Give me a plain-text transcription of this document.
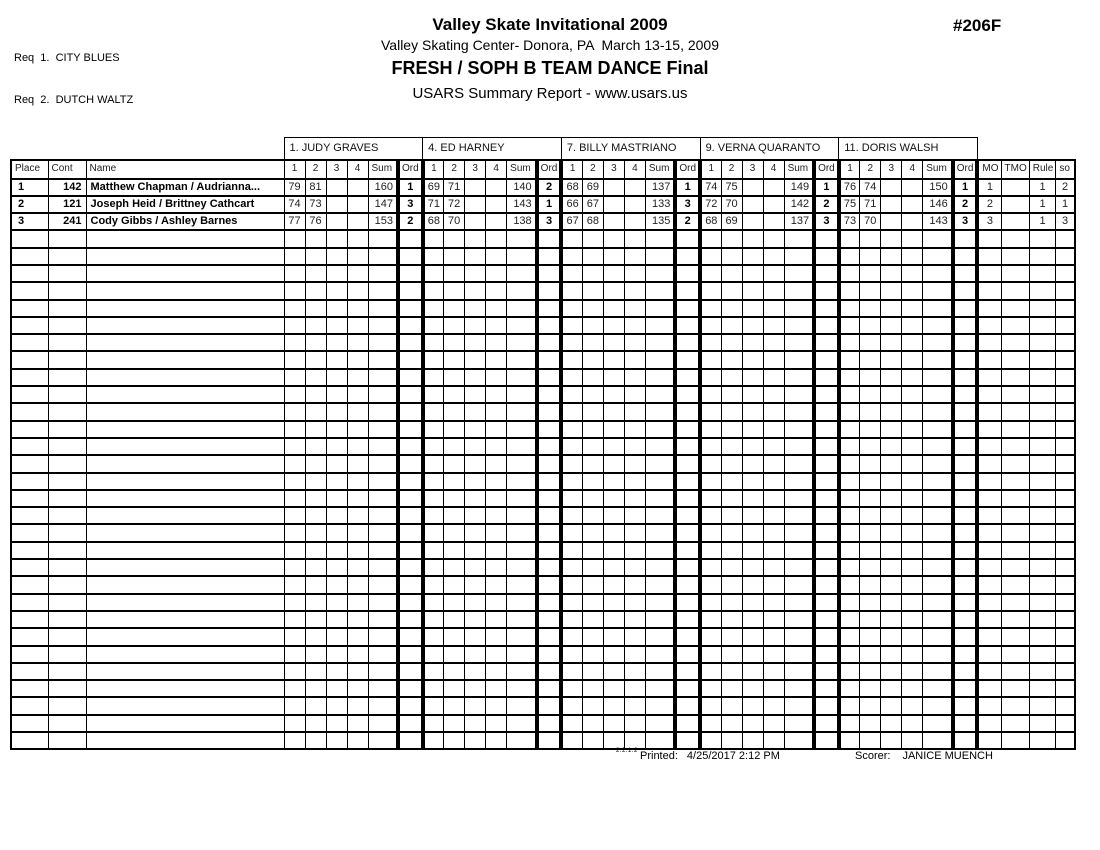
Req  1.  CITY BLUES

Req  2.  DUTCH WALTZ

Valley Skate Invitational 2009
Valley Skating Center- Donora, PA  March 13-15, 2009
FRESH / SOPH B TEAM DANCE Final
USARS Summary Report - www.usars.us
#206F
			1. JUDY GRAVES						4. ED HARNEY						7. BILLY MASTRIANO						9. VERNA QUARANTO						11. DORIS WALSH									
Place	Cont	Name	1	2	3	4	Sum	Ord	1	2	3	4	Sum	Ord	1	2	3	4	Sum	Ord	1	2	3	4	Sum	Ord	1	2	3	4	Sum	Ord	MO	TMO	Rule	so
1	142	Matthew Chapman / Audrianna...	79	81			160	1	69	71			140	2	68	69			137	1	74	75			149	1	76	74			150	1	1		1	2
2	121	Joseph Heid / Brittney Cathcart	74	73			147	3	71	72			143	1	66	67			133	3	72	70			142	2	75	71			146	2	2		1	1
3	241	Cody Gibbs / Ashley Barnes	77	76			153	2	68	70			138	3	67	68			135	2	68	69			137	3	73	70			143	3	3		1	3

2.2.1.2 Printed: 4/25/2017 2:12 PM	Scorer: JANICE MUENCH
